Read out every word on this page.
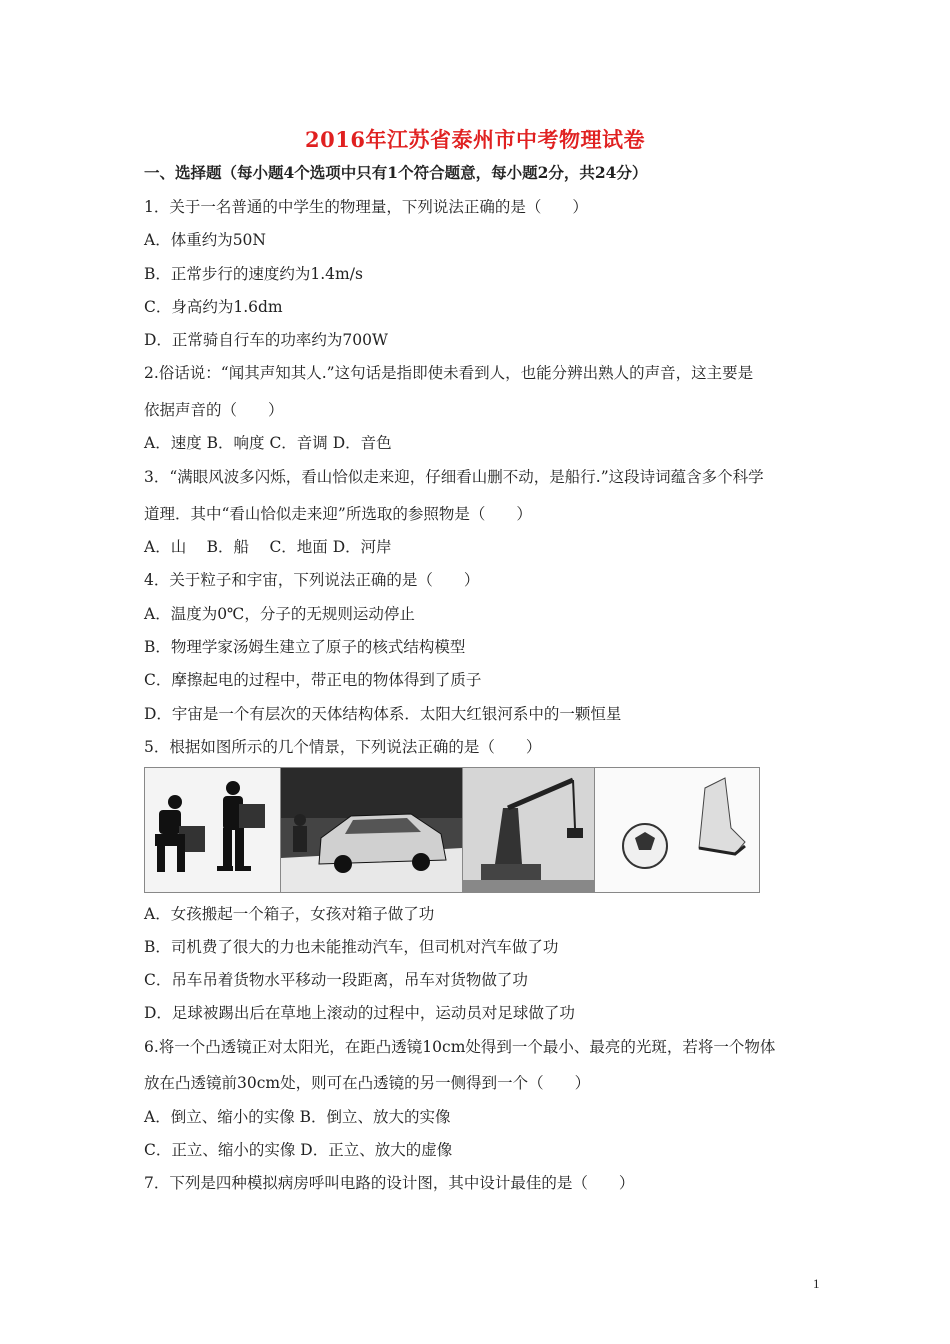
2016年江苏省泰州市中考物理试卷
一、选择题（每小题4个选项中只有1个符合题意，每小题2分，共24分）
1．关于一名普通的中学生的物理量，下列说法正确的是（　　）
A．体重约为50N
B．正常步行的速度约为1.4m/s
C．身高约为1.6dm
D．正常骑自行车的功率约为700W
2.俗话说：“闻其声知其人.”这句话是指即使未看到人，也能分辨出熟人的声音，这主要是
依据声音的（　　）
A．速度 B．响度 C．音调 D．音色
3．“满眼风波多闪烁，看山恰似走来迎，仔细看山删不动，是船行.”这段诗词蕴含多个科学
道理．其中“看山恰似走来迎”所选取的参照物是（　　）
A．山　 B．船　 C．地面 D．河岸
4．关于粒子和宇宙，下列说法正确的是（　　）
A．温度为0℃，分子的无规则运动停止
B．物理学家汤姆生建立了原子的核式结构模型
C．摩擦起电的过程中，带正电的物体得到了质子
D．宇宙是一个有层次的天体结构体系．太阳大红银河系中的一颗恒星
5．根据如图所示的几个情景，下列说法正确的是（　　）
A．女孩搬起一个箱子，女孩对箱子做了功
B．司机费了很大的力也未能推动汽车，但司机对汽车做了功
C．吊车吊着货物水平移动一段距离，吊车对货物做了功
D．足球被踢出后在草地上滚动的过程中，运动员对足球做了功
6.将一个凸透镜正对太阳光，在距凸透镜10cm处得到一个最小、最亮的光斑，若将一个物体
放在凸透镜前30cm处，则可在凸透镜的另一侧得到一个（　　）
A．倒立、缩小的实像 B．倒立、放大的实像
C．正立、缩小的实像 D．正立、放大的虚像
7．下列是四种模拟病房呼叫电路的设计图，其中设计最佳的是（　　）
1
